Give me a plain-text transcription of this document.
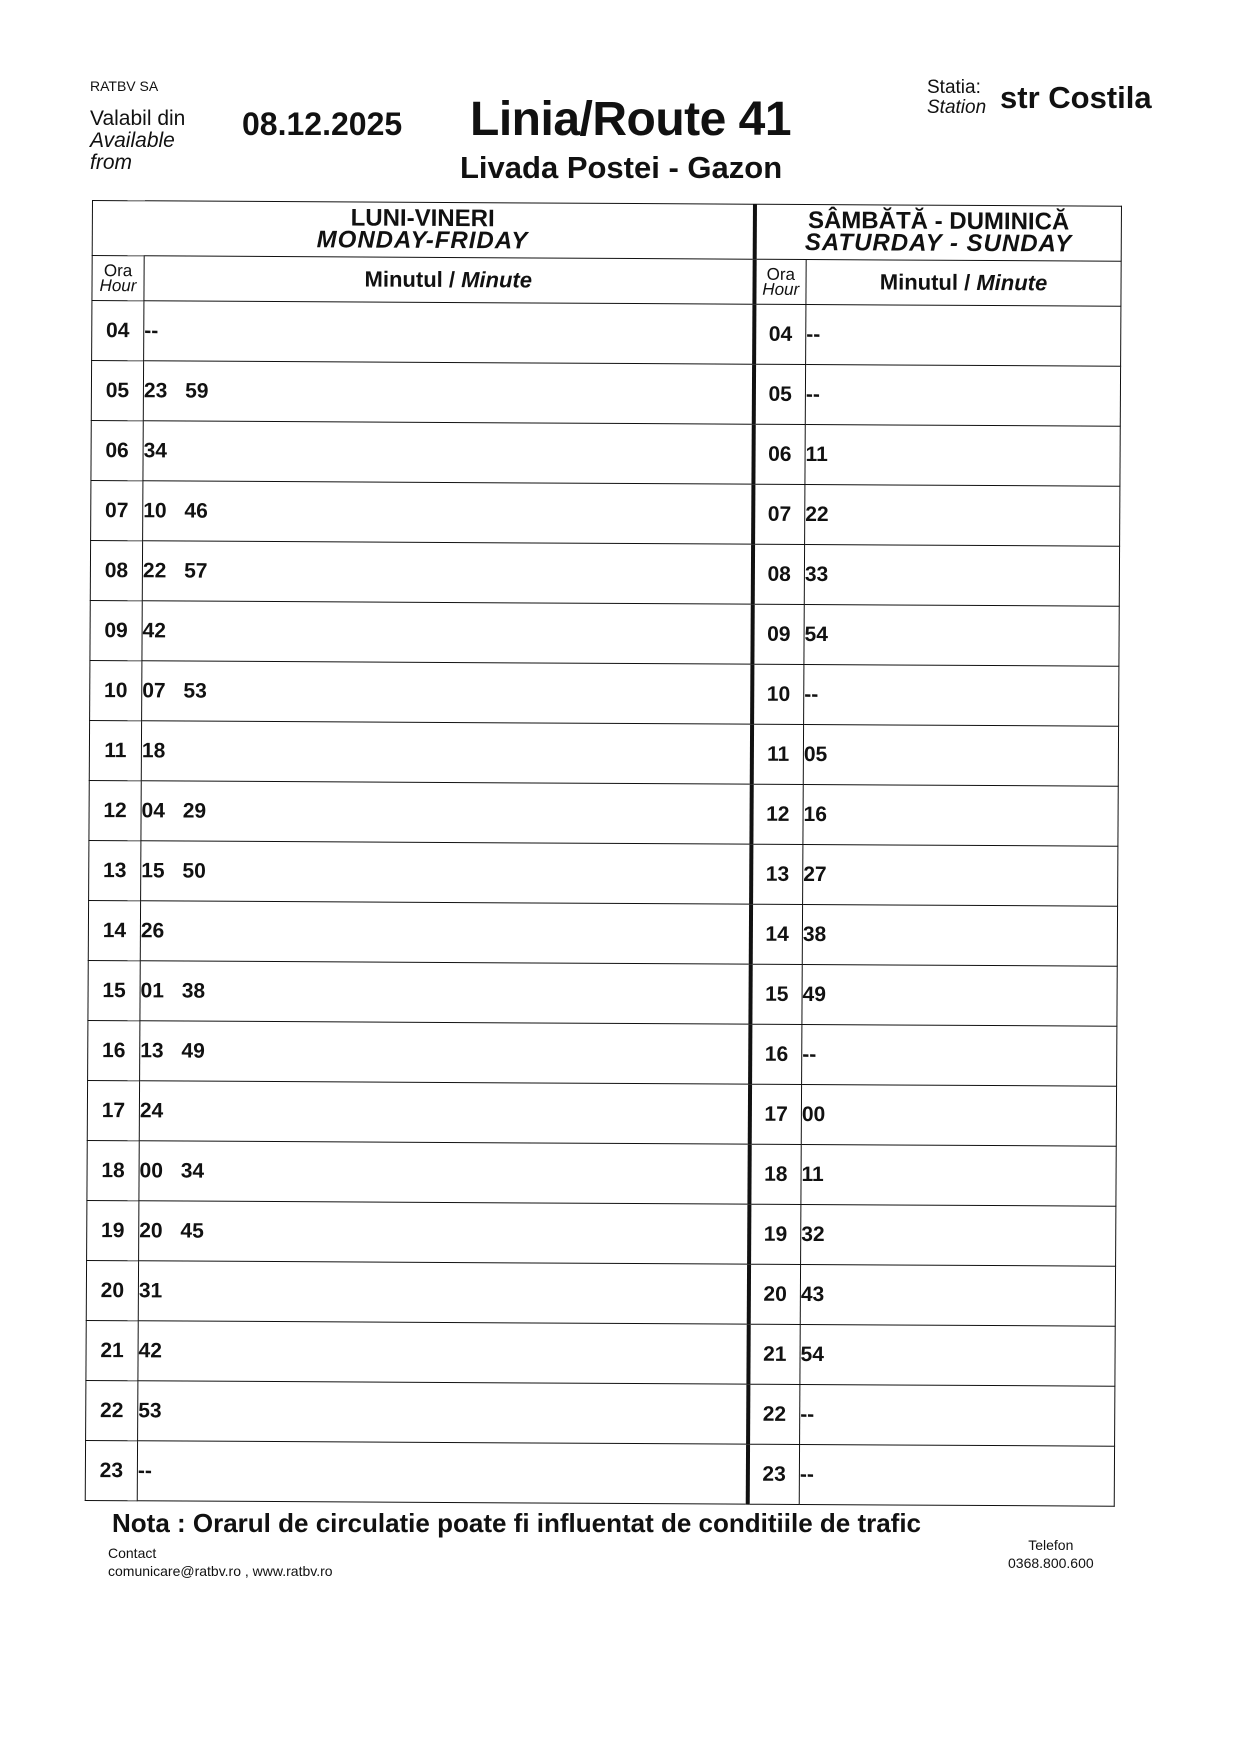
RATBV SA
Valabil din
Available
from
08.12.2025 Linia/Route 41
Livada Postei - Gazon
Statia:
Station str Costila
LUNI-VINERI
MONDAY-FRIDAY		SÂMBĂTĂ - DUMINICĂ
SATURDAY - SUNDAY	

Ora
Hour	Minutul / Minute	Ora
Hour	Minutul / Minute
04	--	04	--
05	23 59	05	--
06	34	06	11
07	10 46	07	22
08	22 57	08	33
09	42	09	54
10	07 53	10	--
11	18	11	05
12	04 29	12	16
13	15 50	13	27
14	26	14	38
15	01 38	15	49
16	13 49	16	--
17	24	17	00
18	00 34	18	11
19	20 45	19	32
20	31	20	43
21	42	21	54
22	53	22	--
23	--	23	--
Nota : Orarul de circulatie poate fi influentat de conditiile de trafic
Contact
comunicare@ratbv.ro , www.ratbv.ro
Telefon
0368.800.600
